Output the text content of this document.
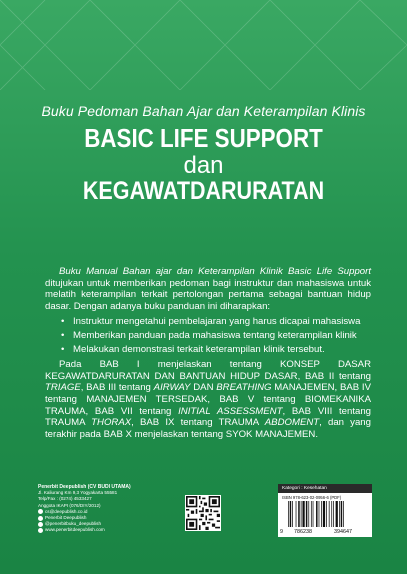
Buku Pedoman Bahan Ajar dan Keterampilan Klinis
BASIC LIFE SUPPORT
dan
KEGAWATDARURATAN

Buku Manual Bahan ajar dan Keterampilan Klinik Basic Life Support ditujukan untuk memberikan pedoman bagi instruktur dan mahasiswa untuk melatih keterampilan terkait pertolongan pertama sebagai bantuan hidup dasar. Dengan adanya buku panduan ini diharapkan:

• Instruktur mengetahui pembelajaran yang harus dicapai mahasiswa
• Memberikan panduan pada mahasiswa tentang keterampilan klinik
• Melakukan demonstrasi terkait keterampilan klinik tersebut.

Pada BAB I menjelaskan tentang KONSEP DASAR KEGAWATDARURATAN DAN BANTUAN HIDUP DASAR, BAB II tentang TRIAGE, BAB III tentang AIRWAY DAN BREATHING MANAJEMEN, BAB IV tentang MANAJEMEN TERSEDAK, BAB V tentang BIOMEKANIKA TRAUMA, BAB VII tentang INITIAL ASSESSMENT, BAB VIII tentang TRAUMA THORAX, BAB IX tentang TRAUMA ABDOMENT, dan yang terakhir pada BAB X menjelaskan tentang SYOK MANAJEMEN.

Penerbit Deepublish (CV BUDI UTAMA)
Jl. Kaliurang Km 9,3 Yogyakarta 55581
Telp/Fax : (0274) 4533427
Anggota IKAPI (076/DIY/2012)
cs@deepublish.co.id
Penerbit Deepublish
@penerbitbuku_deepublish
www.penerbitdeepublish.com
Kategori : Kesehatan
ISBN 978-623-02-0956-6 (PDF)
9 786238	394647
